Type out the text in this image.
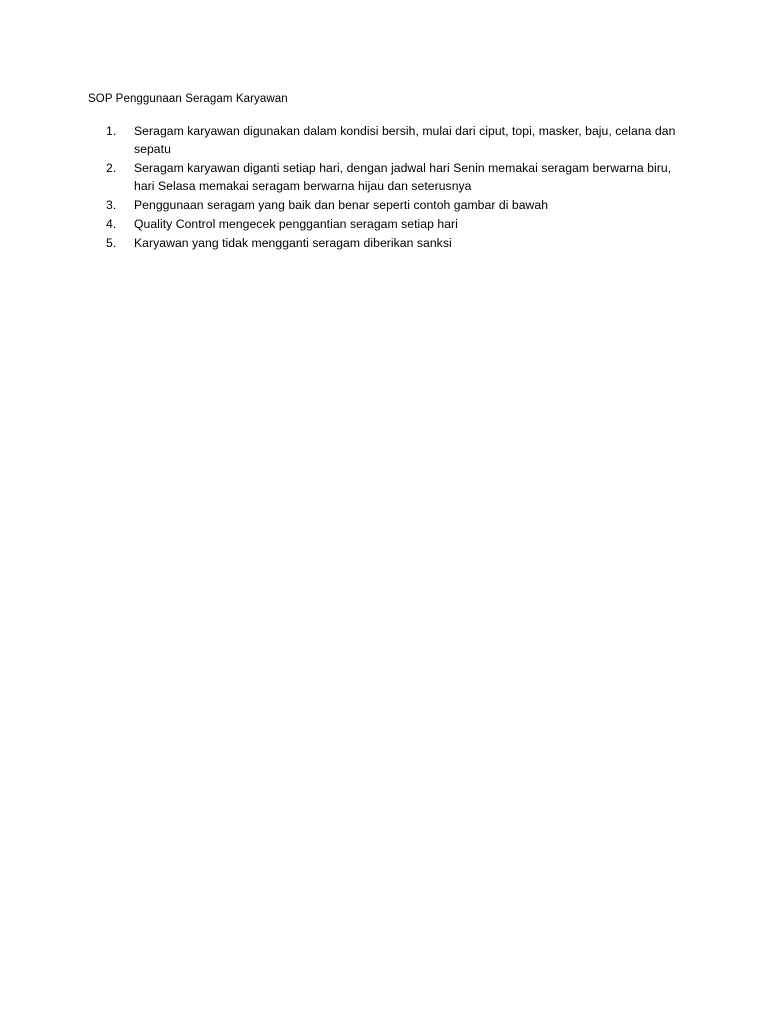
SOP Penggunaan Seragam Karyawan

1.	Seragam karyawan digunakan dalam kondisi bersih, mulai dari ciput, topi, masker, baju, celana dan sepatu
2.	Seragam karyawan diganti setiap hari, dengan jadwal hari Senin memakai seragam berwarna biru, hari Selasa memakai seragam berwarna hijau dan seterusnya
3.	Penggunaan seragam yang baik dan benar seperti contoh gambar di bawah
4.	Quality Control mengecek penggantian seragam setiap hari
5.	Karyawan yang tidak mengganti seragam diberikan sanksi
